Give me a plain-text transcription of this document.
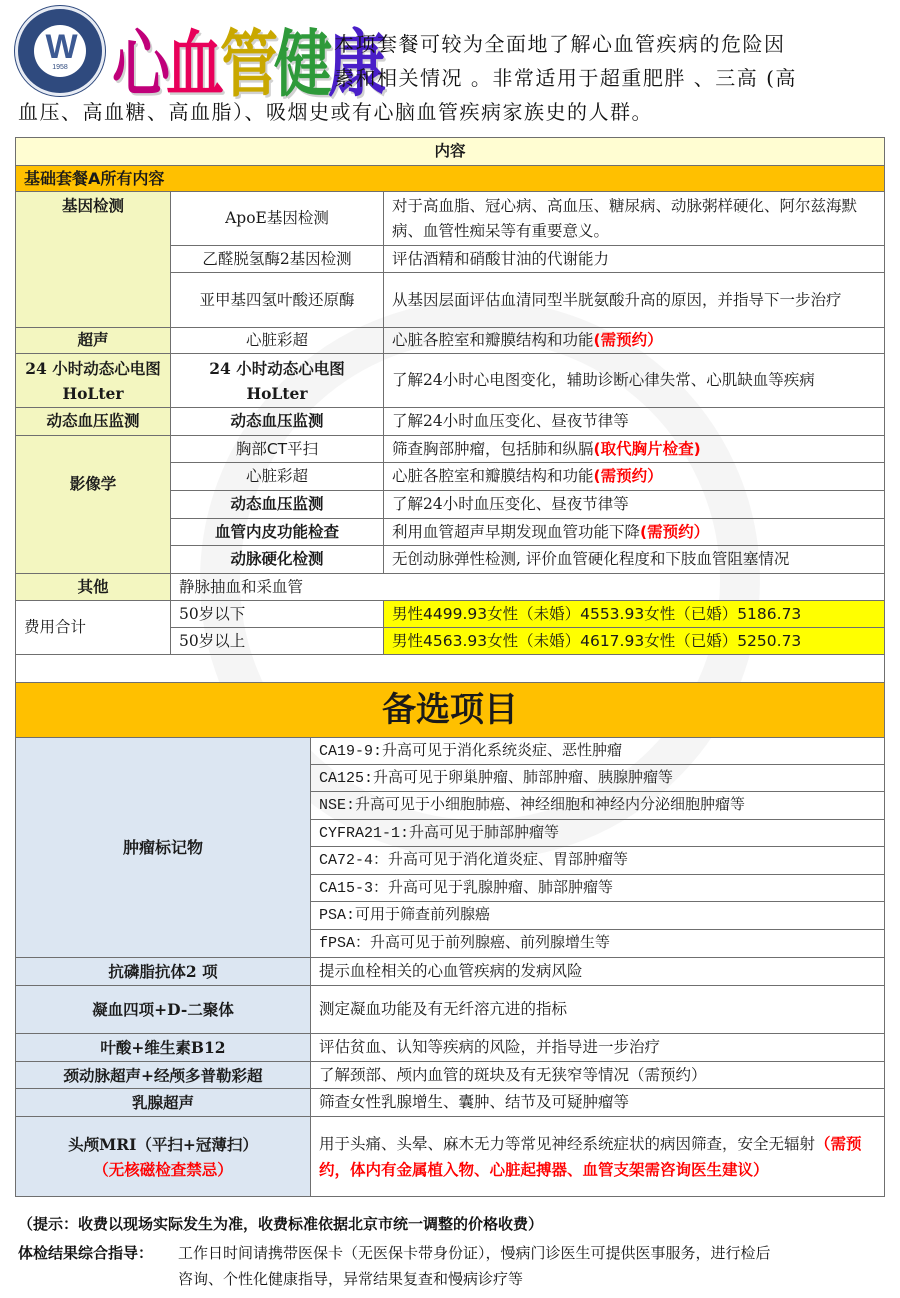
W
1958 心 血 管 健 康
本项套餐可较为全面地了解心血管疾病的危险因
素和相关情况 。非常适用于超重肥胖 、三高 (高
血压、高血糖、高血脂）、吸烟史或有心脑血管疾病家族史的人群。
内容		
基础套餐A所有内容		
基因检测	ApoE基因检测	对于高血脂、冠心病、高血压、糖尿病、动脉粥样硬化、阿尔兹海默病、血管性痴呆等有重要意义。
	乙醛脱氢酶2基因检测	评估酒精和硝酸甘油的代谢能力
	亚甲基四氢叶酸还原酶	从基因层面评估血清同型半胱氨酸升高的原因，并指导下一步治疗
超声	心脏彩超	心脏各腔室和瓣膜结构和功能(需预约）
24 小时动态心电图HoLter	24 小时动态心电图HoLter	了解24小时心电图变化，辅助诊断心律失常、心肌缺血等疾病
动态血压监测	动态血压监测	了解24小时血压变化、昼夜节律等
影像学	胸部CT平扫	筛查胸部肿瘤，包括肺和纵膈(取代胸片检查)
	心脏彩超	心脏各腔室和瓣膜结构和功能(需预约）
	动态血压监测	了解24小时血压变化、昼夜节律等
	血管内皮功能检查	利用血管超声早期发现血管功能下降(需预约）
	动脉硬化检测	无创动脉弹性检测, 评价血管硬化程度和下肢血管阻塞情况
其他	静脉抽血和采血管	
费用合计	50岁以下	男性4499.93女性（未婚）4553.93女性（已婚）5186.73
	50岁以上	男性4563.93女性（未婚）4617.93女性（已婚）5250.73

备选项目	
肿瘤标记物	CA19-9:升高可见于消化系统炎症、恶性肿瘤
	CA125:升高可见于卵巢肿瘤、肺部肿瘤、胰腺肿瘤等
	NSE:升高可见于小细胞肺癌、神经细胞和神经内分泌细胞肿瘤等
	CYFRA21-1:升高可见于肺部肿瘤等
	CA72-4：升高可见于消化道炎症、胃部肿瘤等
	CA15-3：升高可见于乳腺肿瘤、肺部肿瘤等
	PSA:可用于筛查前列腺癌
	fPSA：升高可见于前列腺癌、前列腺增生等
抗磷脂抗体2 项	提示血栓相关的心血管疾病的发病风险
凝血四项+D-二聚体	测定凝血功能及有无纤溶亢进的指标
叶酸+维生素B12	评估贫血、认知等疾病的风险，并指导进一步治疗
颈动脉超声+经颅多普勒彩超	了解颈部、颅内血管的斑块及有无狭窄等情况（需预约）
乳腺超声	筛查女性乳腺增生、囊肿、结节及可疑肿瘤等

头颅MRI（平扫+冠薄扫）
（无核磁检查禁忌）	用于头痛、头晕、麻木无力等常见神经系统症状的病因筛查，安全无辐射（需预约，体内有金属植入物、心脏起搏器、血管支架需咨询医生建议）
（提示：收费以现场实际发生为准，收费标准依据北京市统一调整的价格收费）
体检结果综合指导： 工作日时间请携带医保卡（无医保卡带身份证），慢病门诊医生可提供医事服务，进行检后
咨询、个性化健康指导，异常结果复查和慢病诊疗等
